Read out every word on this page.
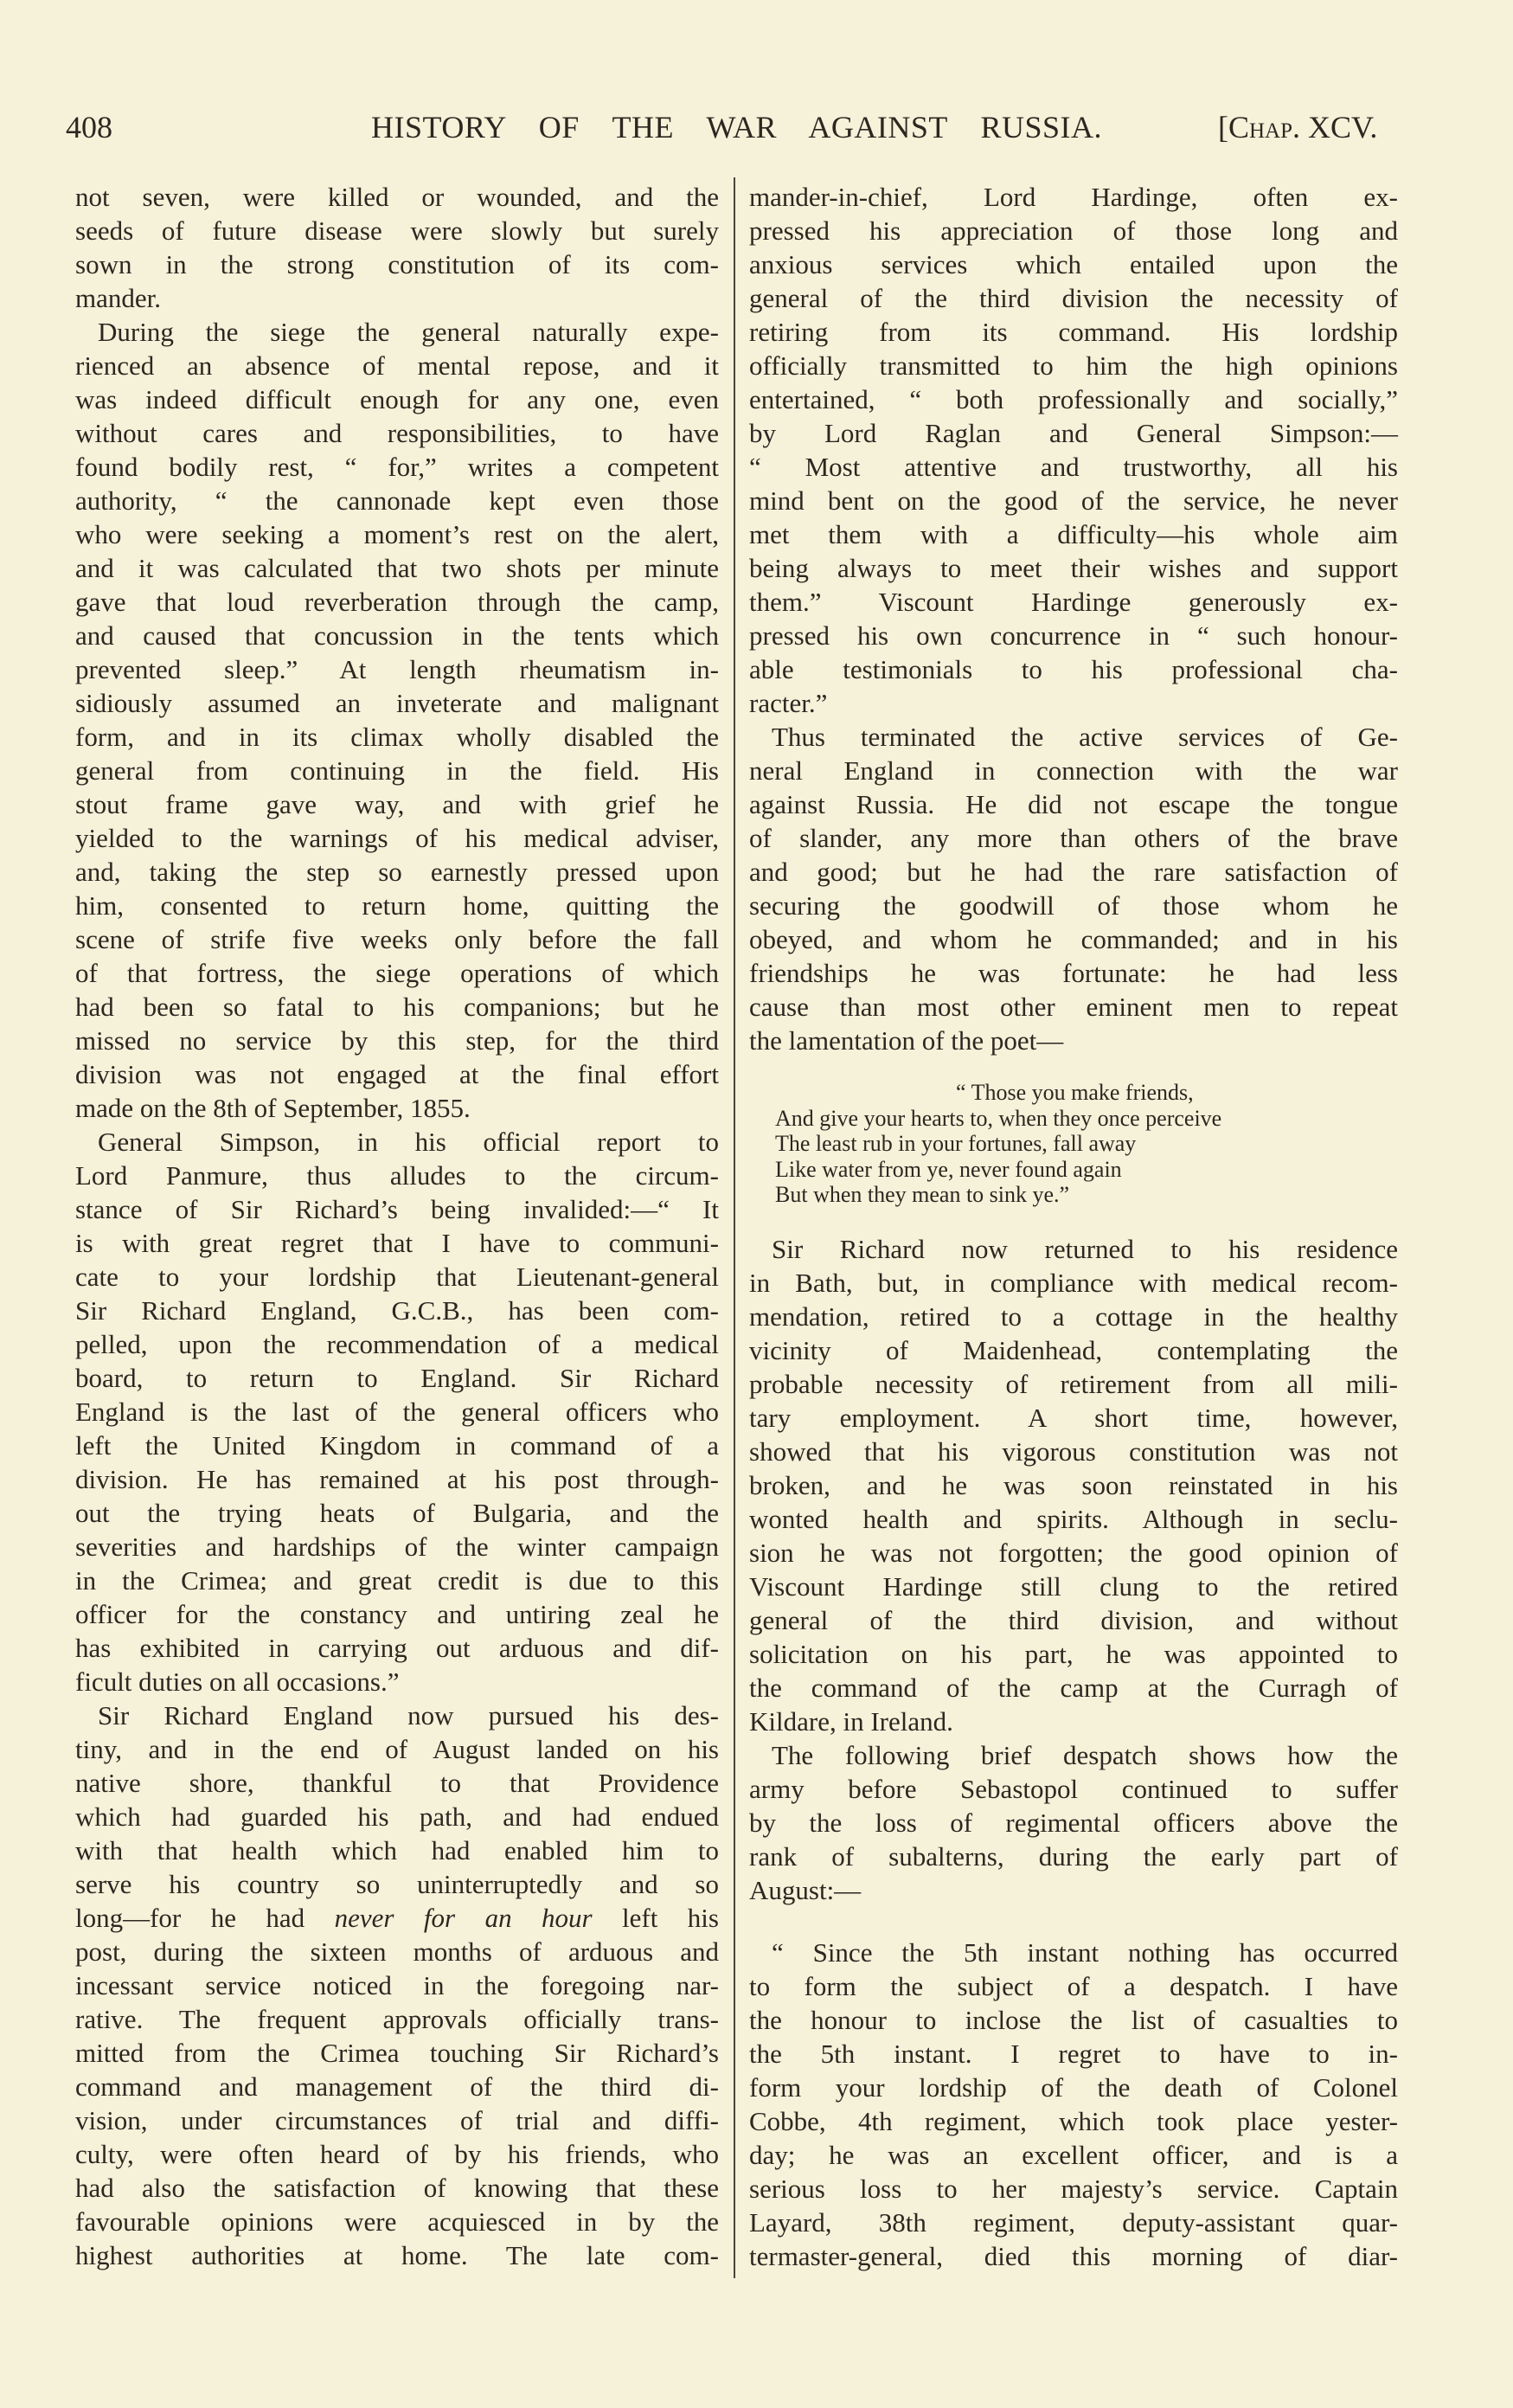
408	HISTORY OF THE WAR AGAINST RUSSIA.	[Chap. XCV.
not seven, were killed or wounded, and the
seeds of future disease were slowly but surely
sown in the strong constitution of its com-
mander.
During the siege the general naturally expe-
rienced an absence of mental repose, and it
was indeed difficult enough for any one, even
without cares and responsibilities, to have
found bodily rest, “ for,” writes a competent
authority, “ the cannonade kept even those
who were seeking a moment’s rest on the alert,
and it was calculated that two shots per minute
gave that loud reverberation through the camp,
and caused that concussion in the tents which
prevented sleep.” At length rheumatism in-
sidiously assumed an inveterate and malignant
form, and in its climax wholly disabled the
general from continuing in the field. His
stout frame gave way, and with grief he
yielded to the warnings of his medical adviser,
and, taking the step so earnestly pressed upon
him, consented to return home, quitting the
scene of strife five weeks only before the fall
of that fortress, the siege operations of which
had been so fatal to his companions; but he
missed no service by this step, for the third
division was not engaged at the final effort
made on the 8th of September, 1855.
General Simpson, in his official report to
Lord Panmure, thus alludes to the circum-
stance of Sir Richard’s being invalided:—“ It
is with great regret that I have to communi-
cate to your lordship that Lieutenant-general
Sir Richard England, G.C.B., has been com-
pelled, upon the recommendation of a medical
board, to return to England. Sir Richard
England is the last of the general officers who
left the United Kingdom in command of a
division. He has remained at his post through-
out the trying heats of Bulgaria, and the
severities and hardships of the winter campaign
in the Crimea; and great credit is due to this
officer for the constancy and untiring zeal he
has exhibited in carrying out arduous and dif-
ficult duties on all occasions.”
Sir Richard England now pursued his des-
tiny, and in the end of August landed on his
native shore, thankful to that Providence
which had guarded his path, and had endued
with that health which had enabled him to
serve his country so uninterruptedly and so
long—for he had never for an hour left his
post, during the sixteen months of arduous and
incessant service noticed in the foregoing nar-
rative. The frequent approvals officially trans-
mitted from the Crimea touching Sir Richard’s
command and management of the third di-
vision, under circumstances of trial and diffi-
culty, were often heard of by his friends, who
had also the satisfaction of knowing that these
favourable opinions were acquiesced in by the
highest authorities at home. The late com-
mander-in-chief, Lord Hardinge, often ex-
pressed his appreciation of those long and
anxious services which entailed upon the
general of the third division the necessity of
retiring from its command. His lordship
officially transmitted to him the high opinions
entertained, “ both professionally and socially,”
by Lord Raglan and General Simpson:—
“ Most attentive and trustworthy, all his
mind bent on the good of the service, he never
met them with a difficulty—his whole aim
being always to meet their wishes and support
them.” Viscount Hardinge generously ex-
pressed his own concurrence in “ such honour-
able testimonials to his professional cha-
racter.”
Thus terminated the active services of Ge-
neral England in connection with the war
against Russia. He did not escape the tongue
of slander, any more than others of the brave
and good; but he had the rare satisfaction of
securing the goodwill of those whom he
obeyed, and whom he commanded; and in his
friendships he was fortunate: he had less
cause than most other eminent men to repeat
the lamentation of the poet—
Sir Richard now returned to his residence
in Bath, but, in compliance with medical recom-
mendation, retired to a cottage in the healthy
vicinity of Maidenhead, contemplating the
probable necessity of retirement from all mili-
tary employment. A short time, however,
showed that his vigorous constitution was not
broken, and he was soon reinstated in his
wonted health and spirits. Although in seclu-
sion he was not forgotten; the good opinion of
Viscount Hardinge still clung to the retired
general of the third division, and without
solicitation on his part, he was appointed to
the command of the camp at the Curragh of
Kildare, in Ireland.
The following brief despatch shows how the
army before Sebastopol continued to suffer
by the loss of regimental officers above the
rank of subalterns, during the early part of
August:—
“ Since the 5th instant nothing has occurred
to form the subject of a despatch. I have
the honour to inclose the list of casualties to
the 5th instant. I regret to have to in-
form your lordship of the death of Colonel
Cobbe, 4th regiment, which took place yester-
day; he was an excellent officer, and is a
serious loss to her majesty’s service. Captain
Layard, 38th regiment, deputy-assistant quar-
termaster-general, died this morning of diar-
“ Those you make friends,
And give your hearts to, when they once perceive
The least rub in your fortunes, fall away
Like water from ye, never found again
But when they mean to sink ye.”
